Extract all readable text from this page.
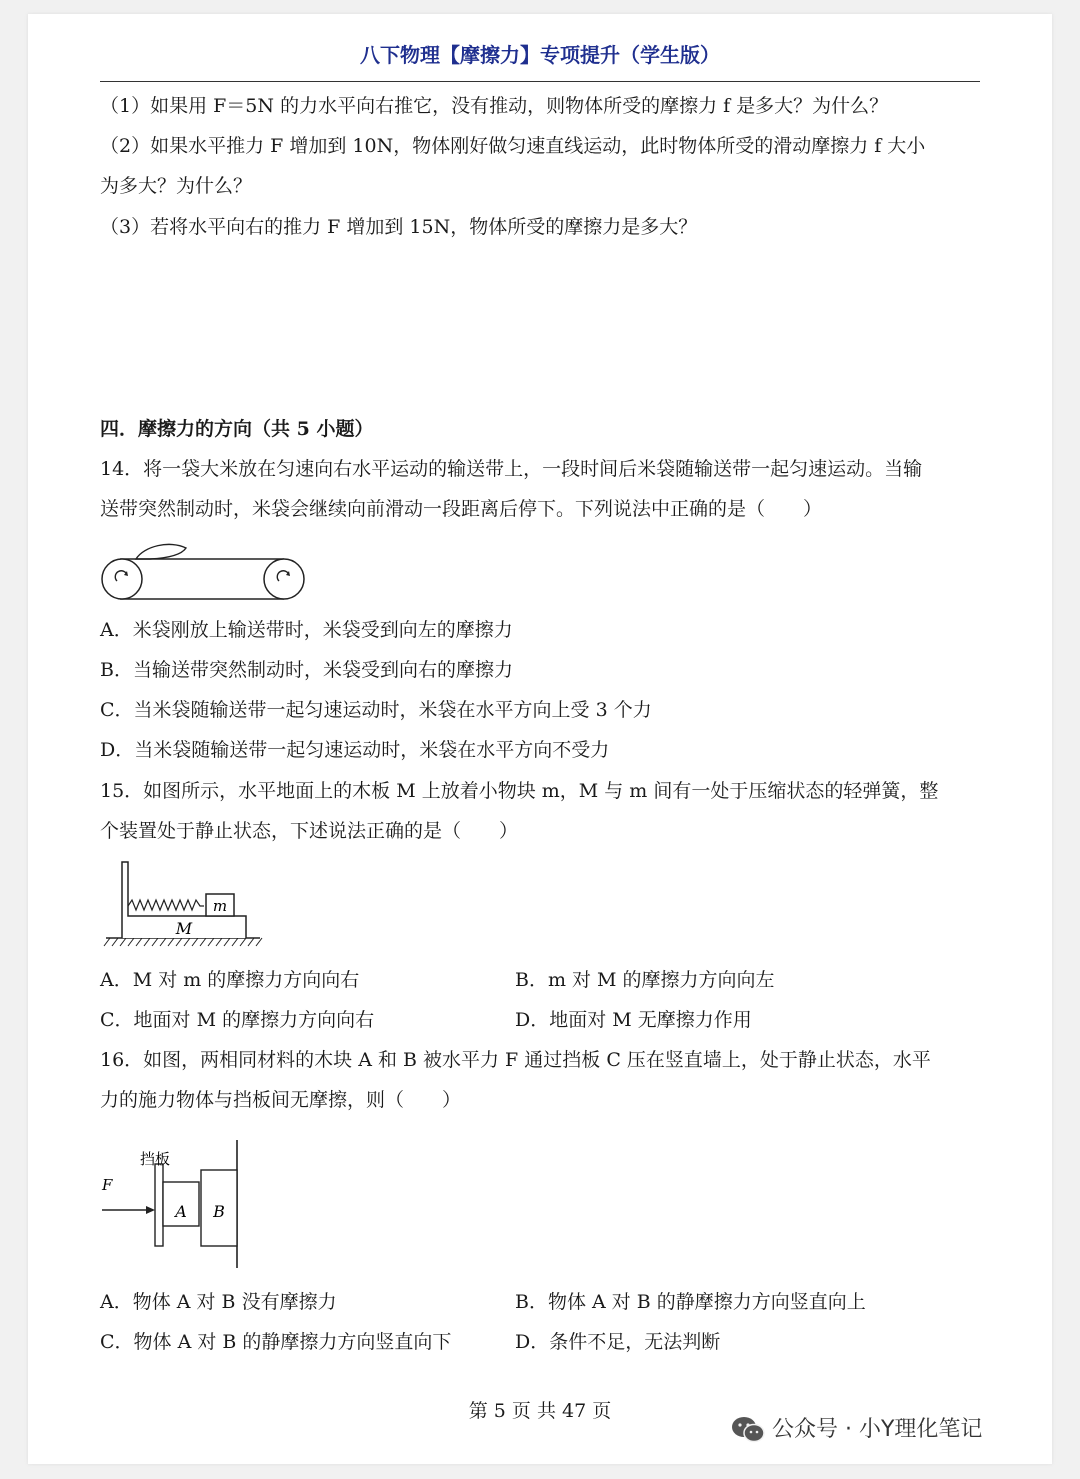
八下物理【摩擦力】专项提升（学生版）
（1）如果用 F＝5N 的力水平向右推它，没有推动，则物体所受的摩擦力 f 是多大？为什么？
（2）如果水平推力 F 增加到 10N，物体刚好做匀速直线运动，此时物体所受的滑动摩擦力 f 大小
为多大？为什么？
（3）若将水平向右的推力 F 增加到 15N，物体所受的摩擦力是多大？
四．摩擦力的方向（共 5 小题）
14．将一袋大米放在匀速向右水平运动的输送带上，一段时间后米袋随输送带一起匀速运动。当输
送带突然制动时，米袋会继续向前滑动一段距离后停下。下列说法中正确的是（　　）
A．米袋刚放上输送带时，米袋受到向左的摩擦力
B．当输送带突然制动时，米袋受到向右的摩擦力
C．当米袋随输送带一起匀速运动时，米袋在水平方向上受 3 个力
D．当米袋随输送带一起匀速运动时，米袋在水平方向不受力
15．如图所示，水平地面上的木板 M 上放着小物块 m，M 与 m 间有一处于压缩状态的轻弹簧，整
个装置处于静止状态，下述说法正确的是（　　）
m
M
A．M 对 m 的摩擦力方向向右	B．m 对 M 的摩擦力方向向左
C．地面对 M 的摩擦力方向向右	D．地面对 M 无摩擦力作用
16．如图，两相同材料的木块 A 和 B 被水平力 F 通过挡板 C 压在竖直墙上，处于静止状态，水平
力的施力物体与挡板间无摩擦，则（　　）
挡板
F
A B
A．物体 A 对 B 没有摩擦力	B．物体 A 对 B 的静摩擦力方向竖直向上
C．物体 A 对 B 的静摩擦力方向竖直向下	D．条件不足，无法判断
第 5 页 共 47 页
公众号 · 小Y理化笔记
